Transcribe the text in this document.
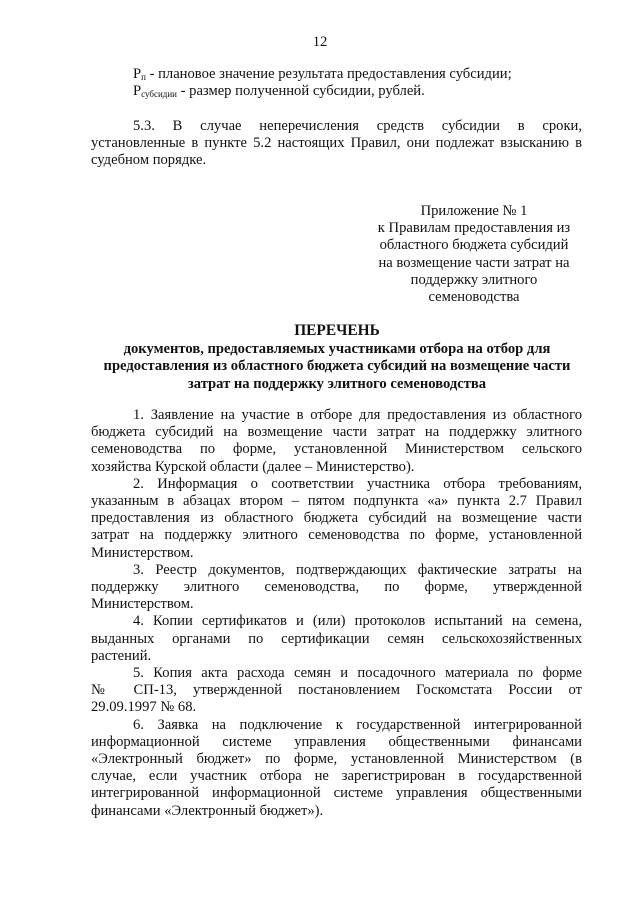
12
$P_п$ - плановое значение результата предоставления субсидии;
$P_{субсидии}$ - размер полученной субсидии, рублей.
5.3. В случае неперечисления средств субсидии в сроки,
установленные в пункте 5.2 настоящих Правил, они подлежат взысканию в
судебном порядке.
Приложение № 1
к Правилам предоставления из
областного бюджета субсидий
на возмещение части затрат на
поддержку элитного
семеноводства
ПЕРЕЧЕНЬ
документов, предоставляемых участниками отбора на отбор для
предоставления из областного бюджета субсидий на возмещение части
затрат на поддержку элитного семеноводства
1. Заявление на участие в отборе для предоставления из областного
бюджета субсидий на возмещение части затрат на поддержку элитного
семеноводства по форме, установленной Министерством сельского
хозяйства Курской области (далее – Министерство).
2. Информация о соответствии участника отбора требованиям,
указанным в абзацах втором – пятом подпункта «а» пункта 2.7 Правил
предоставления из областного бюджета субсидий на возмещение части
затрат на поддержку элитного семеноводства по форме, установленной
Министерством.
3. Реестр документов, подтверждающих фактические затраты на
поддержку элитного семеноводства, по форме, утвержденной
Министерством.
4. Копии сертификатов и (или) протоколов испытаний на семена,
выданных органами по сертификации семян сельскохозяйственных
растений.
5. Копия акта расхода семян и посадочного материала по форме
№ СП-13, утвержденной постановлением Госкомстата России от
29.09.1997 № 68.
6. Заявка на подключение к государственной интегрированной
информационной системе управления общественными финансами
«Электронный бюджет» по форме, установленной Министерством (в
случае, если участник отбора не зарегистрирован в государственной
интегрированной информационной системе управления общественными
финансами «Электронный бюджет»).
